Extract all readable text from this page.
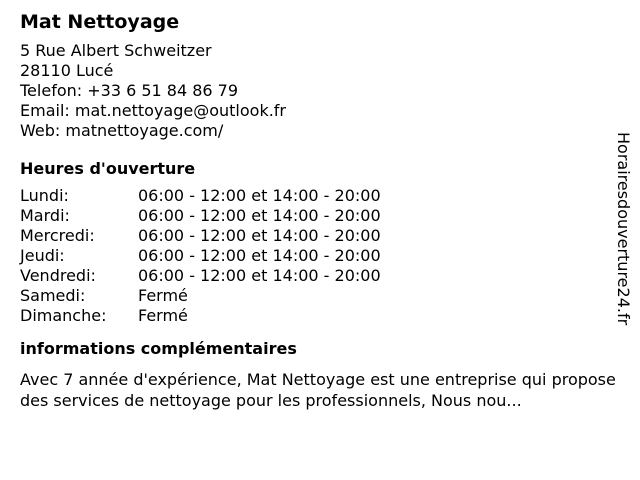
Mat Nettoyage
5 Rue Albert Schweitzer
28110 Lucé
Telefon: +33 6 51 84 86 79
Email: mat.nettoyage@outlook.fr
Web: matnettoyage.com/
Heures d'ouverture
Lundi:	06:00 - 12:00 et 14:00 - 20:00
Mardi:	06:00 - 12:00 et 14:00 - 20:00
Mercredi:	06:00 - 12:00 et 14:00 - 20:00
Jeudi:	06:00 - 12:00 et 14:00 - 20:00
Vendredi:	06:00 - 12:00 et 14:00 - 20:00
Samedi:	Fermé
Dimanche:	Fermé
informations complémentaires
Avec 7 année d'expérience, Mat Nettoyage est une entreprise qui propose des services de nettoyage pour les professionnels, Nous nou...
Horairesdouverture24.fr
